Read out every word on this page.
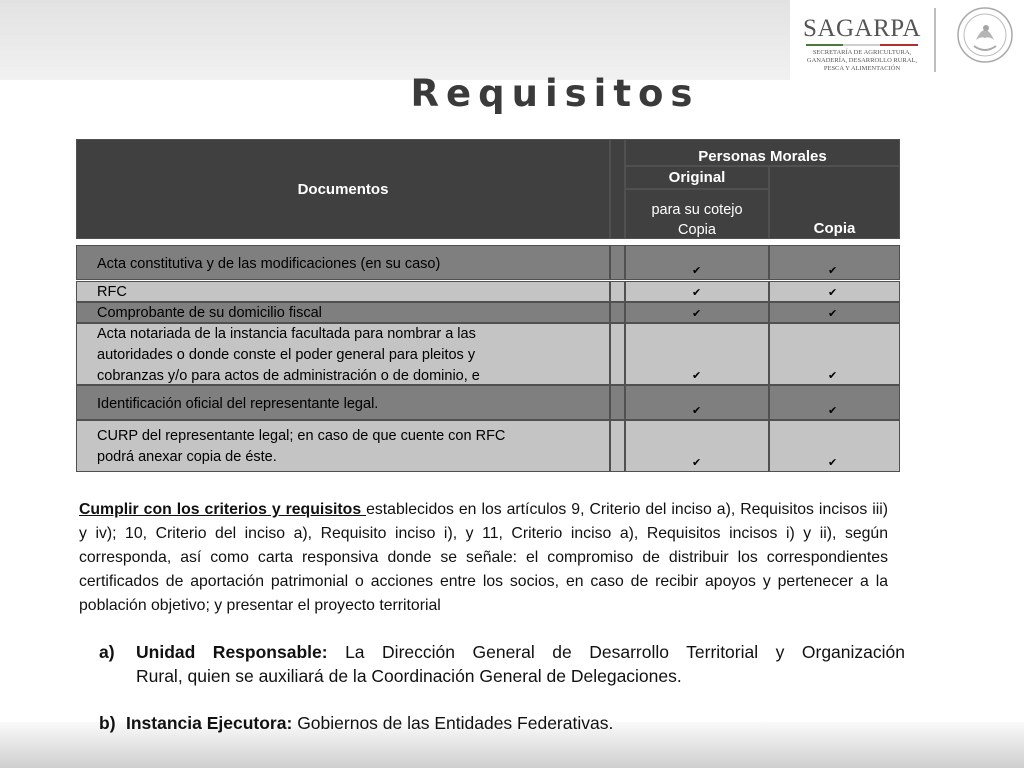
SAGARPA
SECRETARÍA DE AGRICULTURA,
GANADERÍA, DESARROLLO RURAL,
PESCA Y ALIMENTACIÓN
Requisitos
Documentos
Personas Morales
Original
para su cotejo
Copia	Copia
Acta constitutiva y de las modificaciones (en su caso)	✔	✔
RFC	✔	✔
Comprobante de su domicilio fiscal	✔	✔
Acta notariada de la instancia facultada para nombrar a las
autoridades o donde conste el poder general para pleitos y
cobranzas y/o para actos de administración o de dominio, e	✔	✔
Identificación oficial del representante legal.	✔	✔
CURP del representante legal; en caso de que cuente con RFC
podrá anexar copia de éste.	✔	✔
Cumplir con los criterios y requisitos establecidos en los artículos 9, Criterio del inciso a), Requisitos incisos iii) y iv); 10, Criterio del inciso a), Requisito inciso i), y 11, Criterio inciso a), Requisitos incisos i) y ii), según corresponda, así como carta responsiva donde se señale: el compromiso de distribuir los correspondientes certificados de aportación patrimonial o acciones entre los socios, en caso de recibir apoyos y pertenecer a la población objetivo; y presentar el proyecto territorial
a) Unidad Responsable: La Dirección General de Desarrollo Territorial y Organización
Rural, quien se auxiliará de la Coordinación General de Delegaciones.
b) Instancia Ejecutora: Gobiernos de las Entidades Federativas.
